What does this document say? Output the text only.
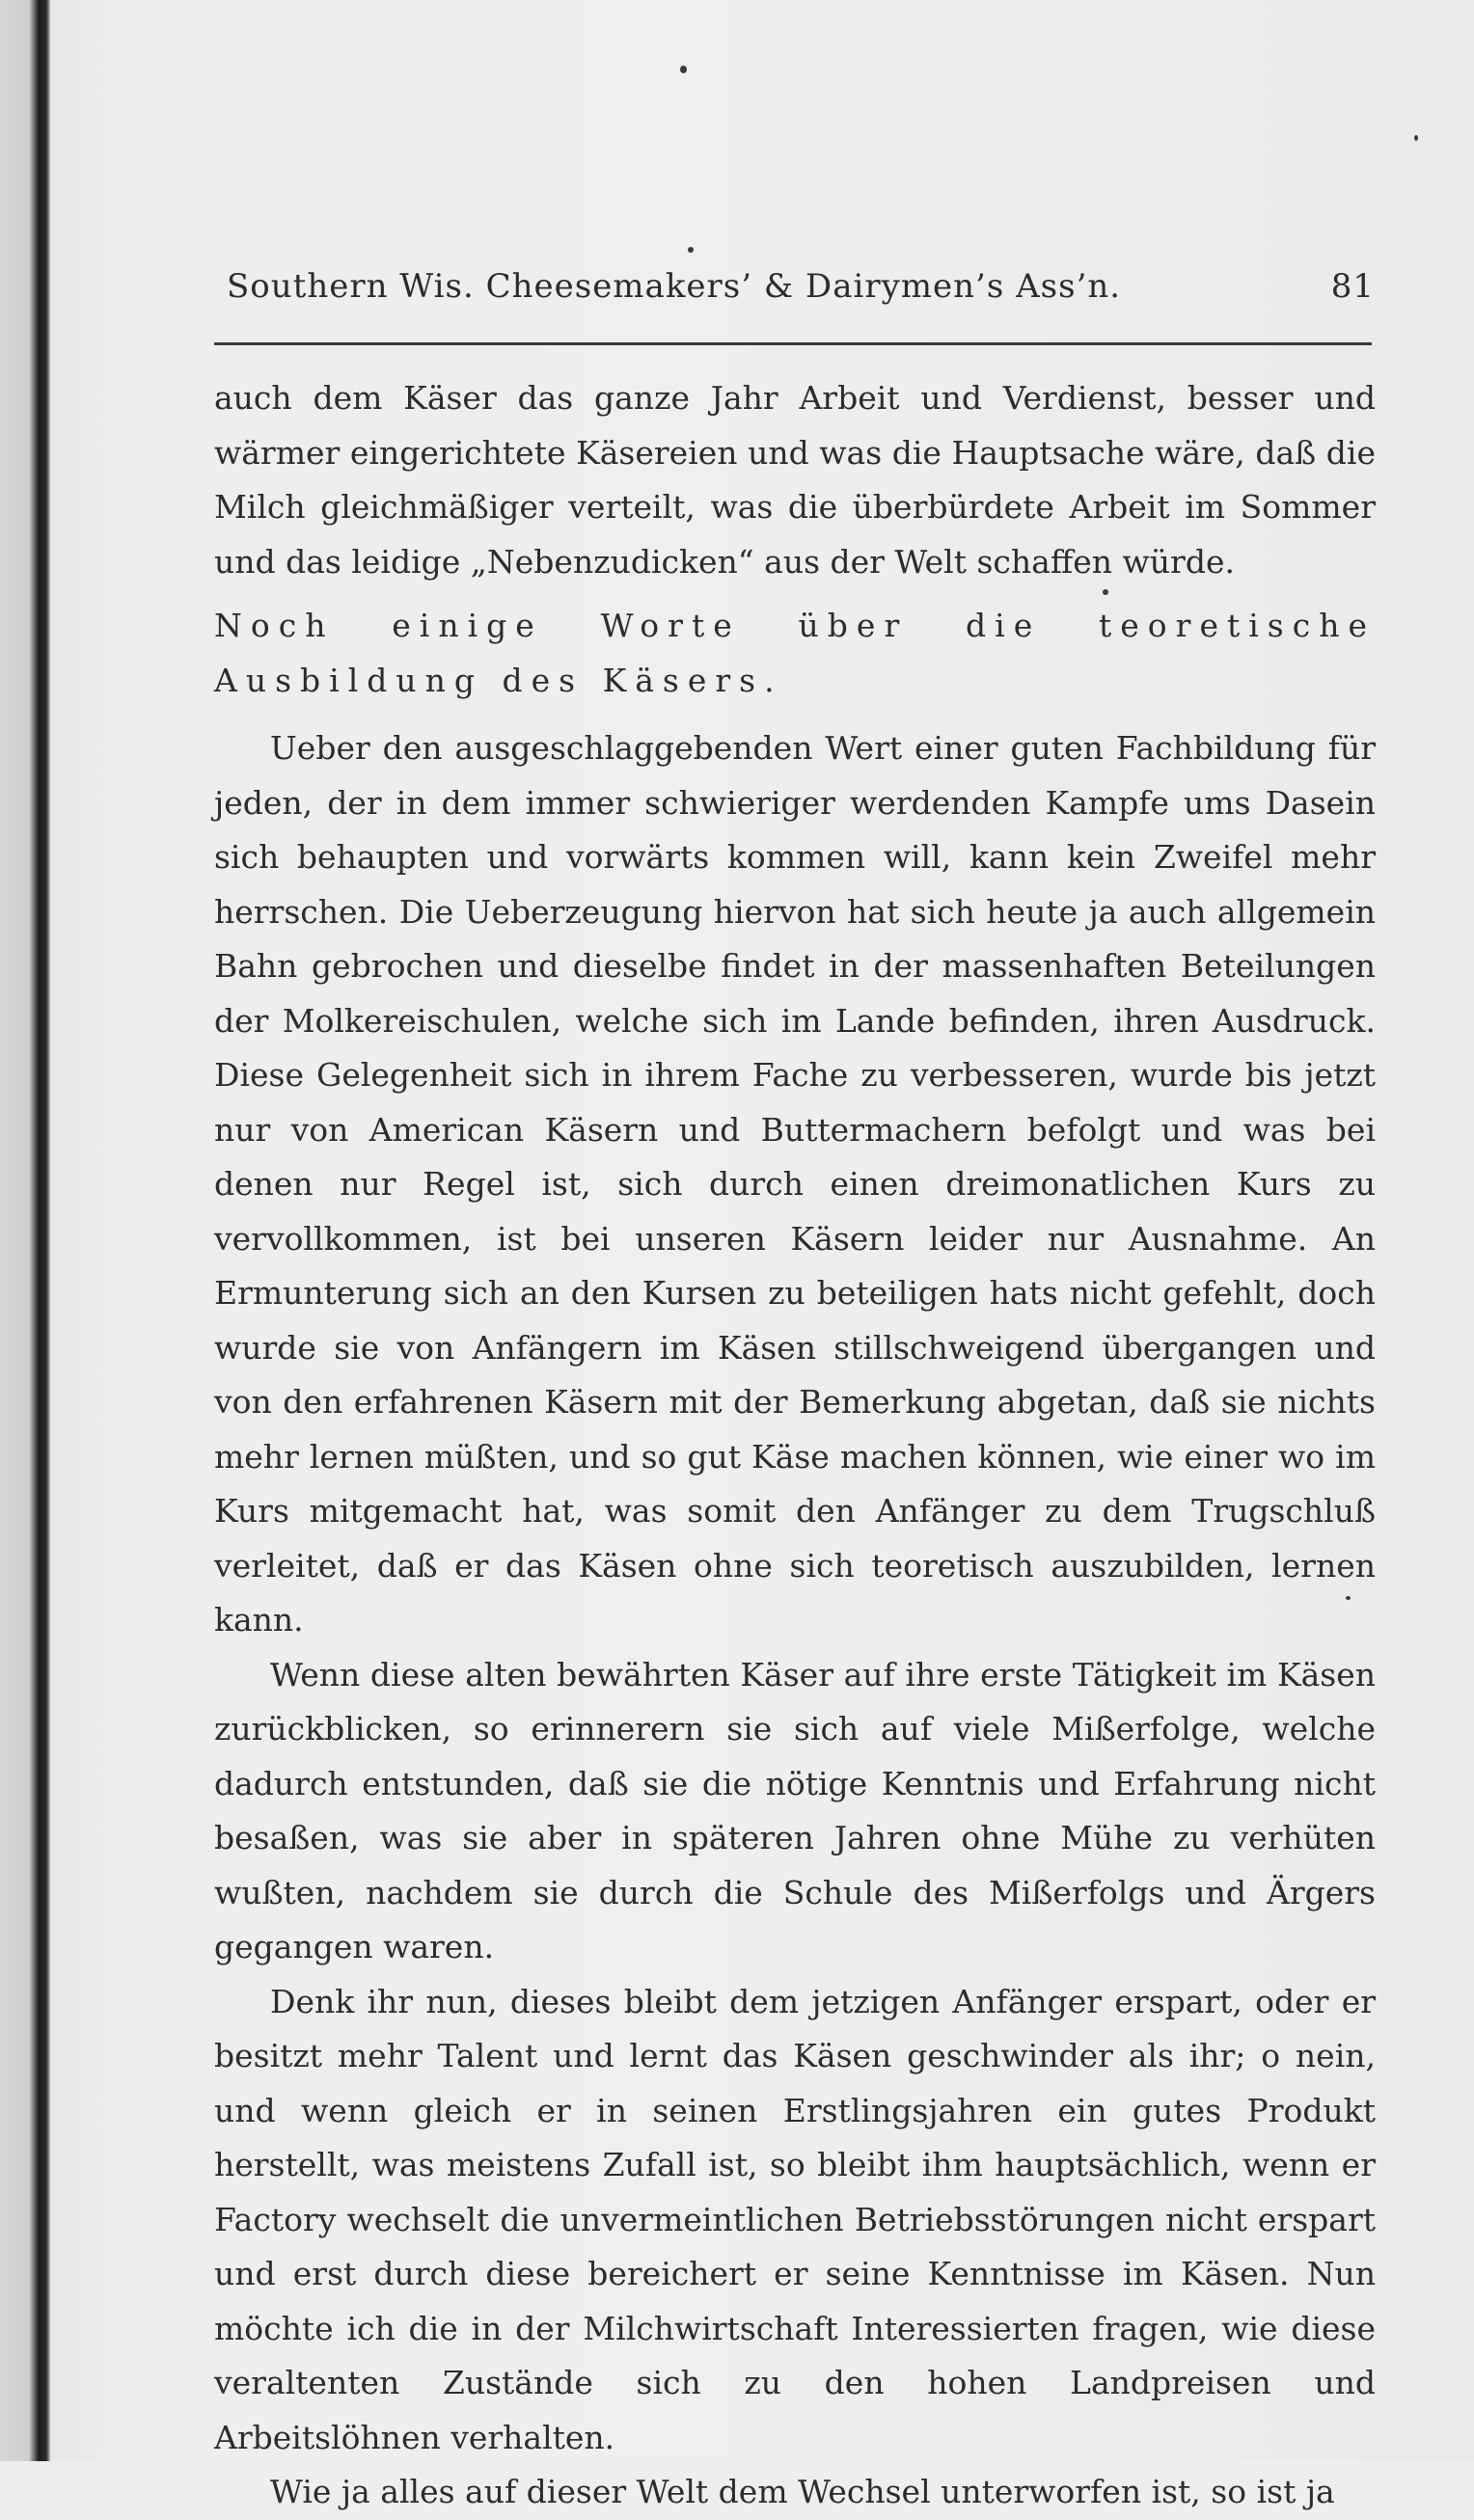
Southern Wis. Cheesemakers’ & Dairymen’s Ass’n.	81

auch dem Käser das ganze Jahr Arbeit und Verdienst, besser und wärmer eingerichtete Käsereien und was die Hauptsache wäre, daß die Milch gleichmäßiger verteilt, was die überbürdete Arbeit im Sommer und das leidige „Nebenzudicken“ aus der Welt schaffen würde.

Noch einige Worte über die teoretische Ausbildung des Käsers.

Ueber den ausgeschlaggebenden Wert einer guten Fachbildung für jeden, der in dem immer schwieriger werdenden Kampfe ums Dasein sich behaupten und vorwärts kommen will, kann kein Zweifel mehr herrschen. Die Ueberzeugung hiervon hat sich heute ja auch allgemein Bahn gebrochen und dieselbe findet in der massenhaften Beteilungen der Molkereischulen, welche sich im Lande befinden, ihren Ausdruck. Diese Gelegenheit sich in ihrem Fache zu verbesseren, wurde bis jetzt nur von American Käsern und Buttermachern befolgt und was bei denen nur Regel ist, sich durch einen dreimonatlichen Kurs zu vervollkommen, ist bei unseren Käsern leider nur Ausnahme. An Ermunterung sich an den Kursen zu beteiligen hats nicht gefehlt, doch wurde sie von Anfängern im Käsen stillschweigend übergangen und von den erfahrenen Käsern mit der Bemerkung abgetan, daß sie nichts mehr lernen müßten, und so gut Käse machen können, wie einer wo im Kurs mitgemacht hat, was somit den Anfänger zu dem Trugschluß verleitet, daß er das Käsen ohne sich teoretisch auszubilden, lernen kann.

Wenn diese alten bewährten Käser auf ihre erste Tätigkeit im Käsen zurückblicken, so erinnerern sie sich auf viele Mißerfolge, welche dadurch entstunden, daß sie die nötige Kenntnis und Erfahrung nicht besaßen, was sie aber in späteren Jahren ohne Mühe zu verhüten wußten, nachdem sie durch die Schule des Mißerfolgs und Ärgers gegangen waren.

Denk ihr nun, dieses bleibt dem jetzigen Anfänger erspart, oder er besitzt mehr Talent und lernt das Käsen geschwinder als ihr; o nein, und wenn gleich er in seinen Erstlingsjahren ein gutes Produkt herstellt, was meistens Zufall ist, so bleibt ihm hauptsächlich, wenn er Factory wechselt die unvermeintlichen Betriebsstörungen nicht erspart und erst durch diese bereichert er seine Kenntnisse im Käsen. Nun möchte ich die in der Milchwirtschaft Interessierten fragen, wie diese veraltenten Zustände sich zu den hohen Landpreisen und Arbeitslöhnen verhalten.

Wie ja alles auf dieser Welt dem Wechsel unterworfen ist, so ist ja
